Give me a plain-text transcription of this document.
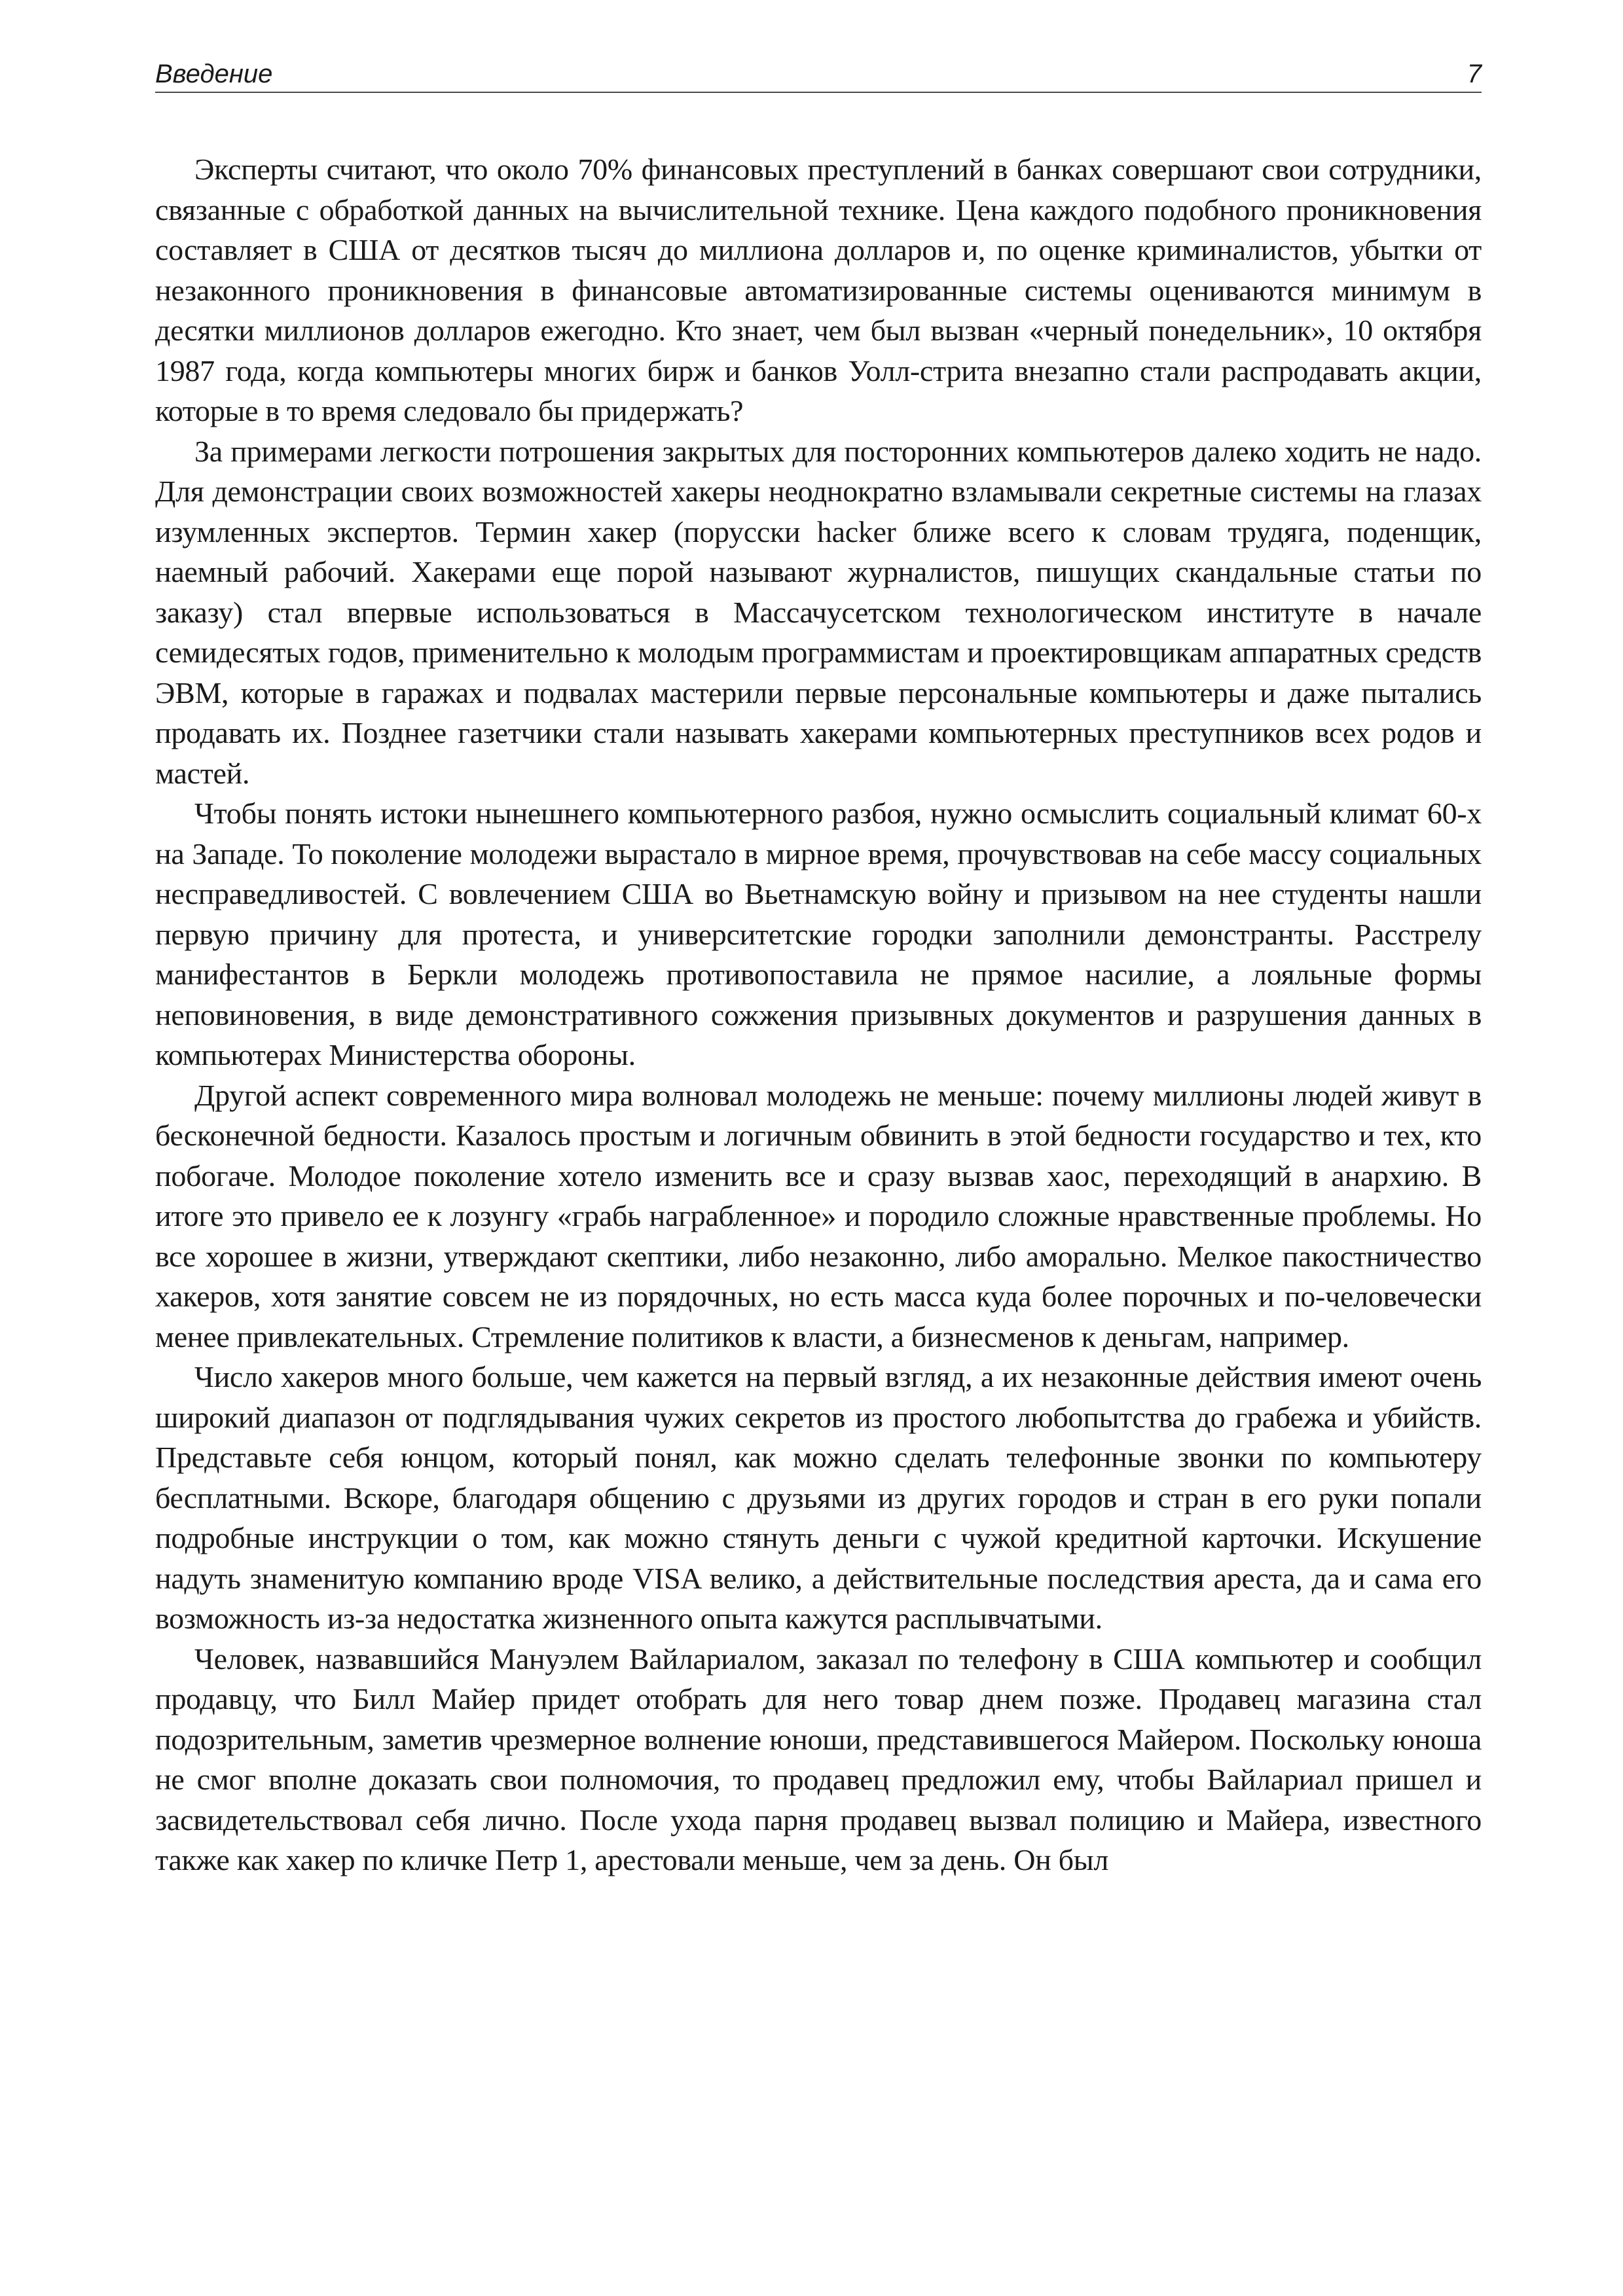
Введение	7

Эксперты считают, что около 70% финансовых преступлений в банках совершают свои сотрудники, связанные с обработкой данных на вычислительной технике. Цена каждого подобного проникновения составляет в США от десятков тысяч до миллиона долларов и, по оценке криминалистов, убытки от незаконного проникновения в финансовые автоматизированные системы оцениваются минимум в десятки миллионов долларов ежегодно. Кто знает, чем был вызван «черный понедельник», 10 октября 1987 года, когда компьютеры многих бирж и банков Уолл-стрита внезапно стали распродавать акции, которые в то время следовало бы придержать?

За примерами легкости потрошения закрытых для посторонних компьютеров далеко ходить не надо. Для демонстрации своих возможностей хакеры неоднократно взламывали секретные системы на глазах изумленных экспертов. Термин хакер (порусски hacker ближе всего к словам трудяга, поденщик, наемный рабочий. Хакерами еще порой называют журналистов, пишущих скандальные статьи по заказу) стал впервые использоваться в Массачусетском технологическом институте в начале семидесятых годов, применительно к молодым программистам и проектировщикам аппаратных средств ЭВМ, которые в гаражах и подвалах мастерили первые персональные компьютеры и даже пытались продавать их. Позднее газетчики стали называть хакерами компьютерных преступников всех родов и мастей.

Чтобы понять истоки нынешнего компьютерного разбоя, нужно осмыслить социальный климат 60-х на Западе. То поколение молодежи вырастало в мирное время, прочувствовав на себе массу социальных несправедливостей. С вовлечением США во Вьетнамскую войну и призывом на нее студенты нашли первую причину для протеста, и университетские городки заполнили демонстранты. Расстрелу манифестантов в Беркли молодежь противопоставила не прямое насилие, а лояльные формы неповиновения, в виде демонстративного сожжения призывных документов и разрушения данных в компьютерах Министерства обороны.

Другой аспект современного мира волновал молодежь не меньше: почему миллионы людей живут в бесконечной бедности. Казалось простым и логичным обвинить в этой бедности государство и тех, кто побогаче. Молодое поколение хотело изменить все и сразу вызвав хаос, переходящий в анархию. В итоге это привело ее к лозунгу «грабь награбленное» и породило сложные нравственные проблемы. Но все хорошее в жизни, утверждают скептики, либо незаконно, либо аморально. Мелкое пакостничество хакеров, хотя занятие совсем не из порядочных, но есть масса куда более порочных и по-человечески менее привлекательных. Стремление политиков к власти, а бизнесменов к деньгам, например.

Число хакеров много больше, чем кажется на первый взгляд, а их незаконные действия имеют очень широкий диапазон от подглядывания чужих секретов из простого любопытства до грабежа и убийств. Представьте себя юнцом, который понял, как можно сделать телефонные звонки по компьютеру бесплатными. Вскоре, благодаря общению с друзьями из других городов и стран в его руки попали подробные инструкции о том, как можно стянуть деньги с чужой кредитной карточки. Искушение надуть знаменитую компанию вроде VISA велико, а действительные последствия ареста, да и сама его возможность из-за недостатка жизненного опыта кажутся расплывчатыми.

Человек, назвавшийся Мануэлем Вайлариалом, заказал по телефону в США компьютер и сообщил продавцу, что Билл Майер придет отобрать для него товар днем позже. Продавец магазина стал подозрительным, заметив чрезмерное волнение юноши, представившегося Майером. Поскольку юноша не смог вполне доказать свои полномочия, то продавец предложил ему, чтобы Вайлариал пришел и засвидетельствовал себя лично. После ухода парня продавец вызвал полицию и Майера, известного также как хакер по кличке Петр 1, арестовали меньше, чем за день. Он был
